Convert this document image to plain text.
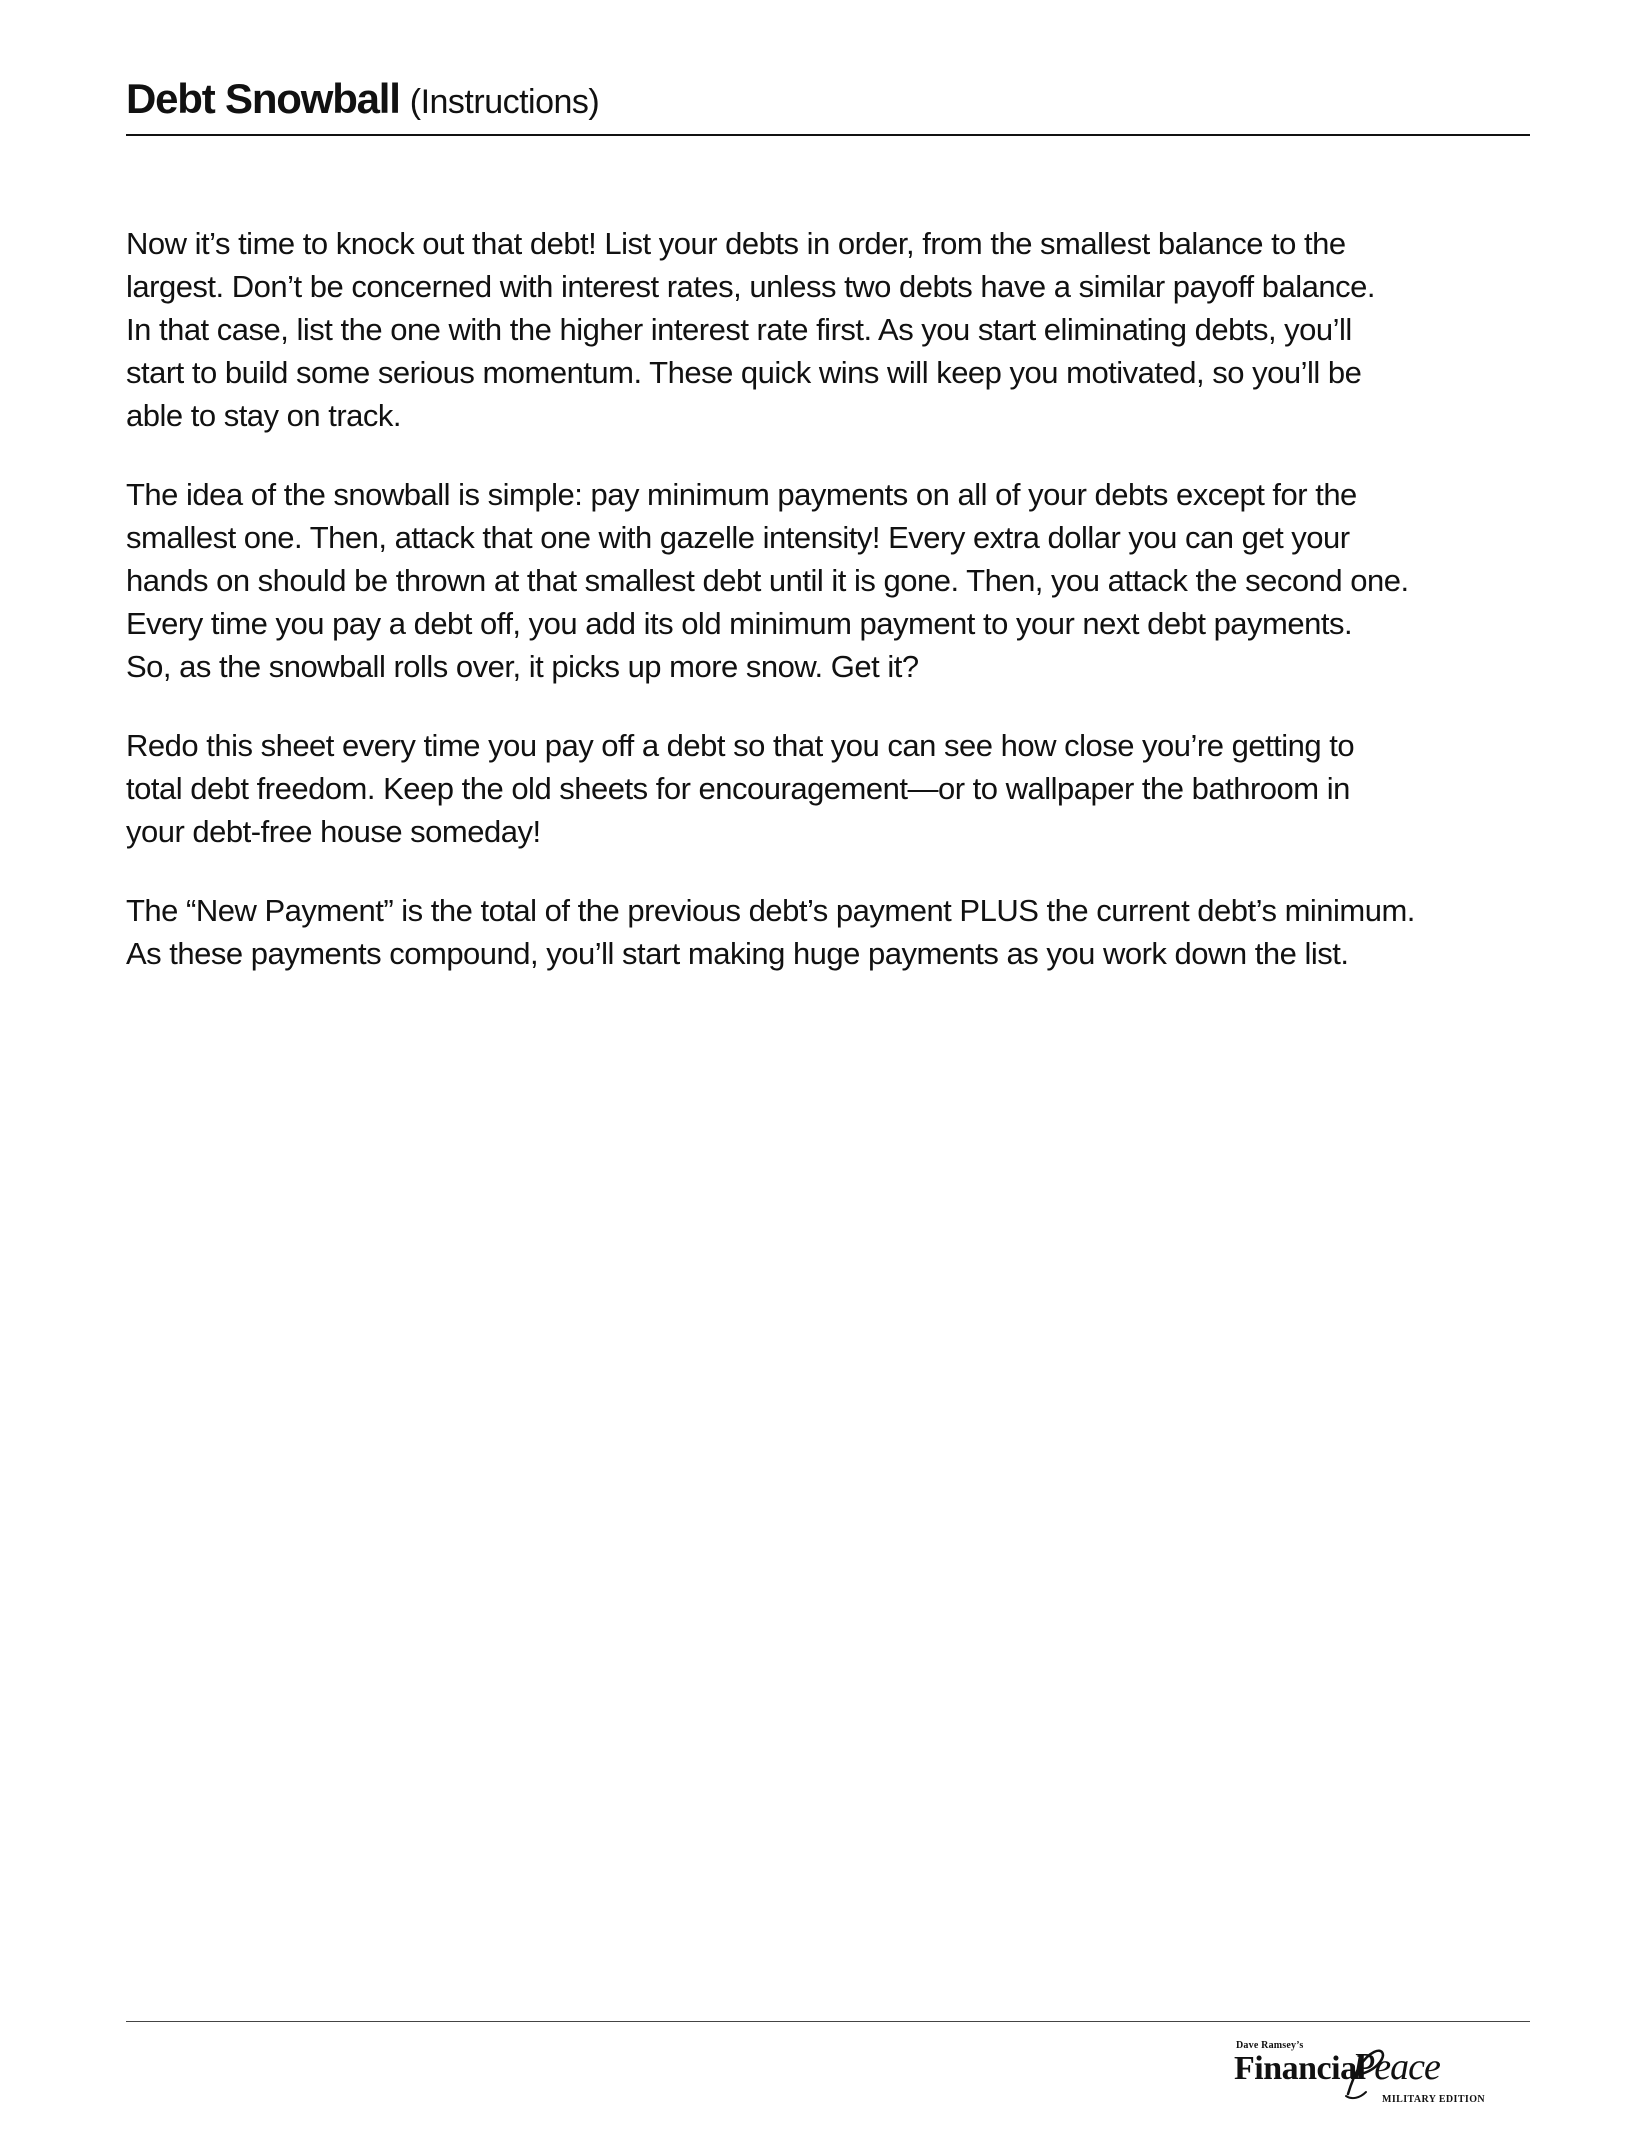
Debt Snowball (Instructions)

Now it’s time to knock out that debt! List your debts in order, from the smallest balance to the
largest. Don’t be concerned with interest rates, unless two debts have a similar payoff balance.
In that case, list the one with the higher interest rate first. As you start eliminating debts, you’ll
start to build some serious momentum. These quick wins will keep you motivated, so you’ll be
able to stay on track.

The idea of the snowball is simple: pay minimum payments on all of your debts except for the
smallest one. Then, attack that one with gazelle intensity! Every extra dollar you can get your
hands on should be thrown at that smallest debt until it is gone. Then, you attack the second one.
Every time you pay a debt off, you add its old minimum payment to your next debt payments.
So, as the snowball rolls over, it picks up more snow. Get it?

Redo this sheet every time you pay off a debt so that you can see how close you’re getting to
total debt freedom. Keep the old sheets for encouragement—or to wallpaper the bathroom in
your debt-free house someday!

The “New Payment” is the total of the previous debt’s payment PLUS the current debt’s minimum.
As these payments compound, you’ll start making huge payments as you work down the list.

Dave Ramsey’s
Financial
Peace
MILITARY EDITION
